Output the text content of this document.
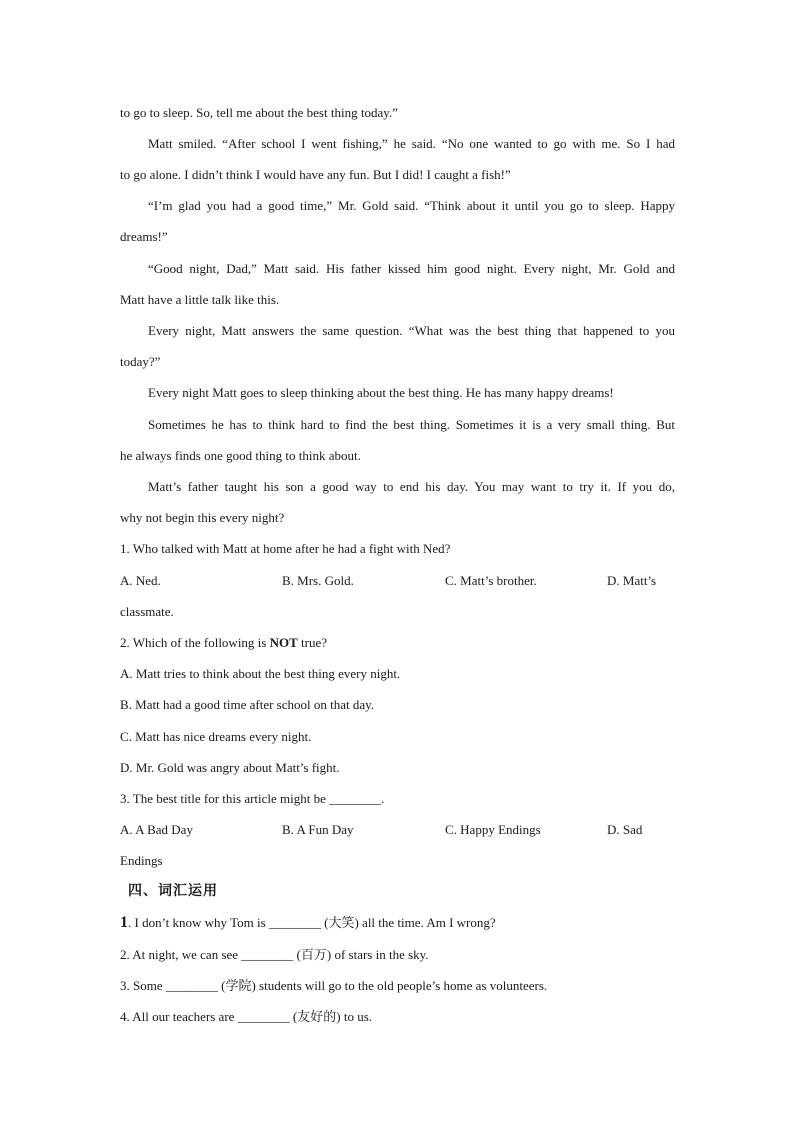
to go to sleep. So, tell me about the best thing today.”
Matt smiled. “After school I went fishing,” he said. “No one wanted to go with me. So I had
to go alone. I didn’t think I would have any fun. But I did! I caught a fish!”
“I’m glad you had a good time,” Mr. Gold said. “Think about it until you go to sleep. Happy
dreams!”
“Good night, Dad,” Matt said. His father kissed him good night. Every night, Mr. Gold and
Matt have a little talk like this.
Every night, Matt answers the same question. “What was the best thing that happened to you
today?”
Every night Matt goes to sleep thinking about the best thing. He has many happy dreams!
Sometimes he has to think hard to find the best thing. Sometimes it is a very small thing. But
he always finds one good thing to think about.
Matt’s father taught his son a good way to end his day. You may want to try it. If you do,
why not begin this every night?
1. Who talked with Matt at home after he had a fight with Ned?
A. Ned.	B. Mrs. Gold.	C. Matt’s brother.	D. Matt’s
classmate.
2. Which of the following is NOT true?
A. Matt tries to think about the best thing every night.
B. Matt had a good time after school on that day.
C. Matt has nice dreams every night.
D. Mr. Gold was angry about Matt’s fight.
3. The best title for this article might be ________.
A. A Bad Day	B. A Fun Day	C. Happy Endings	D. Sad
Endings
四、词汇运用
1. I don’t know why Tom is ________ (大笑) all the time. Am I wrong?
2. At night, we can see ________ (百万) of stars in the sky.
3. Some ________ (学院) students will go to the old people’s home as volunteers.
4. All our teachers are ________ (友好的) to us.
